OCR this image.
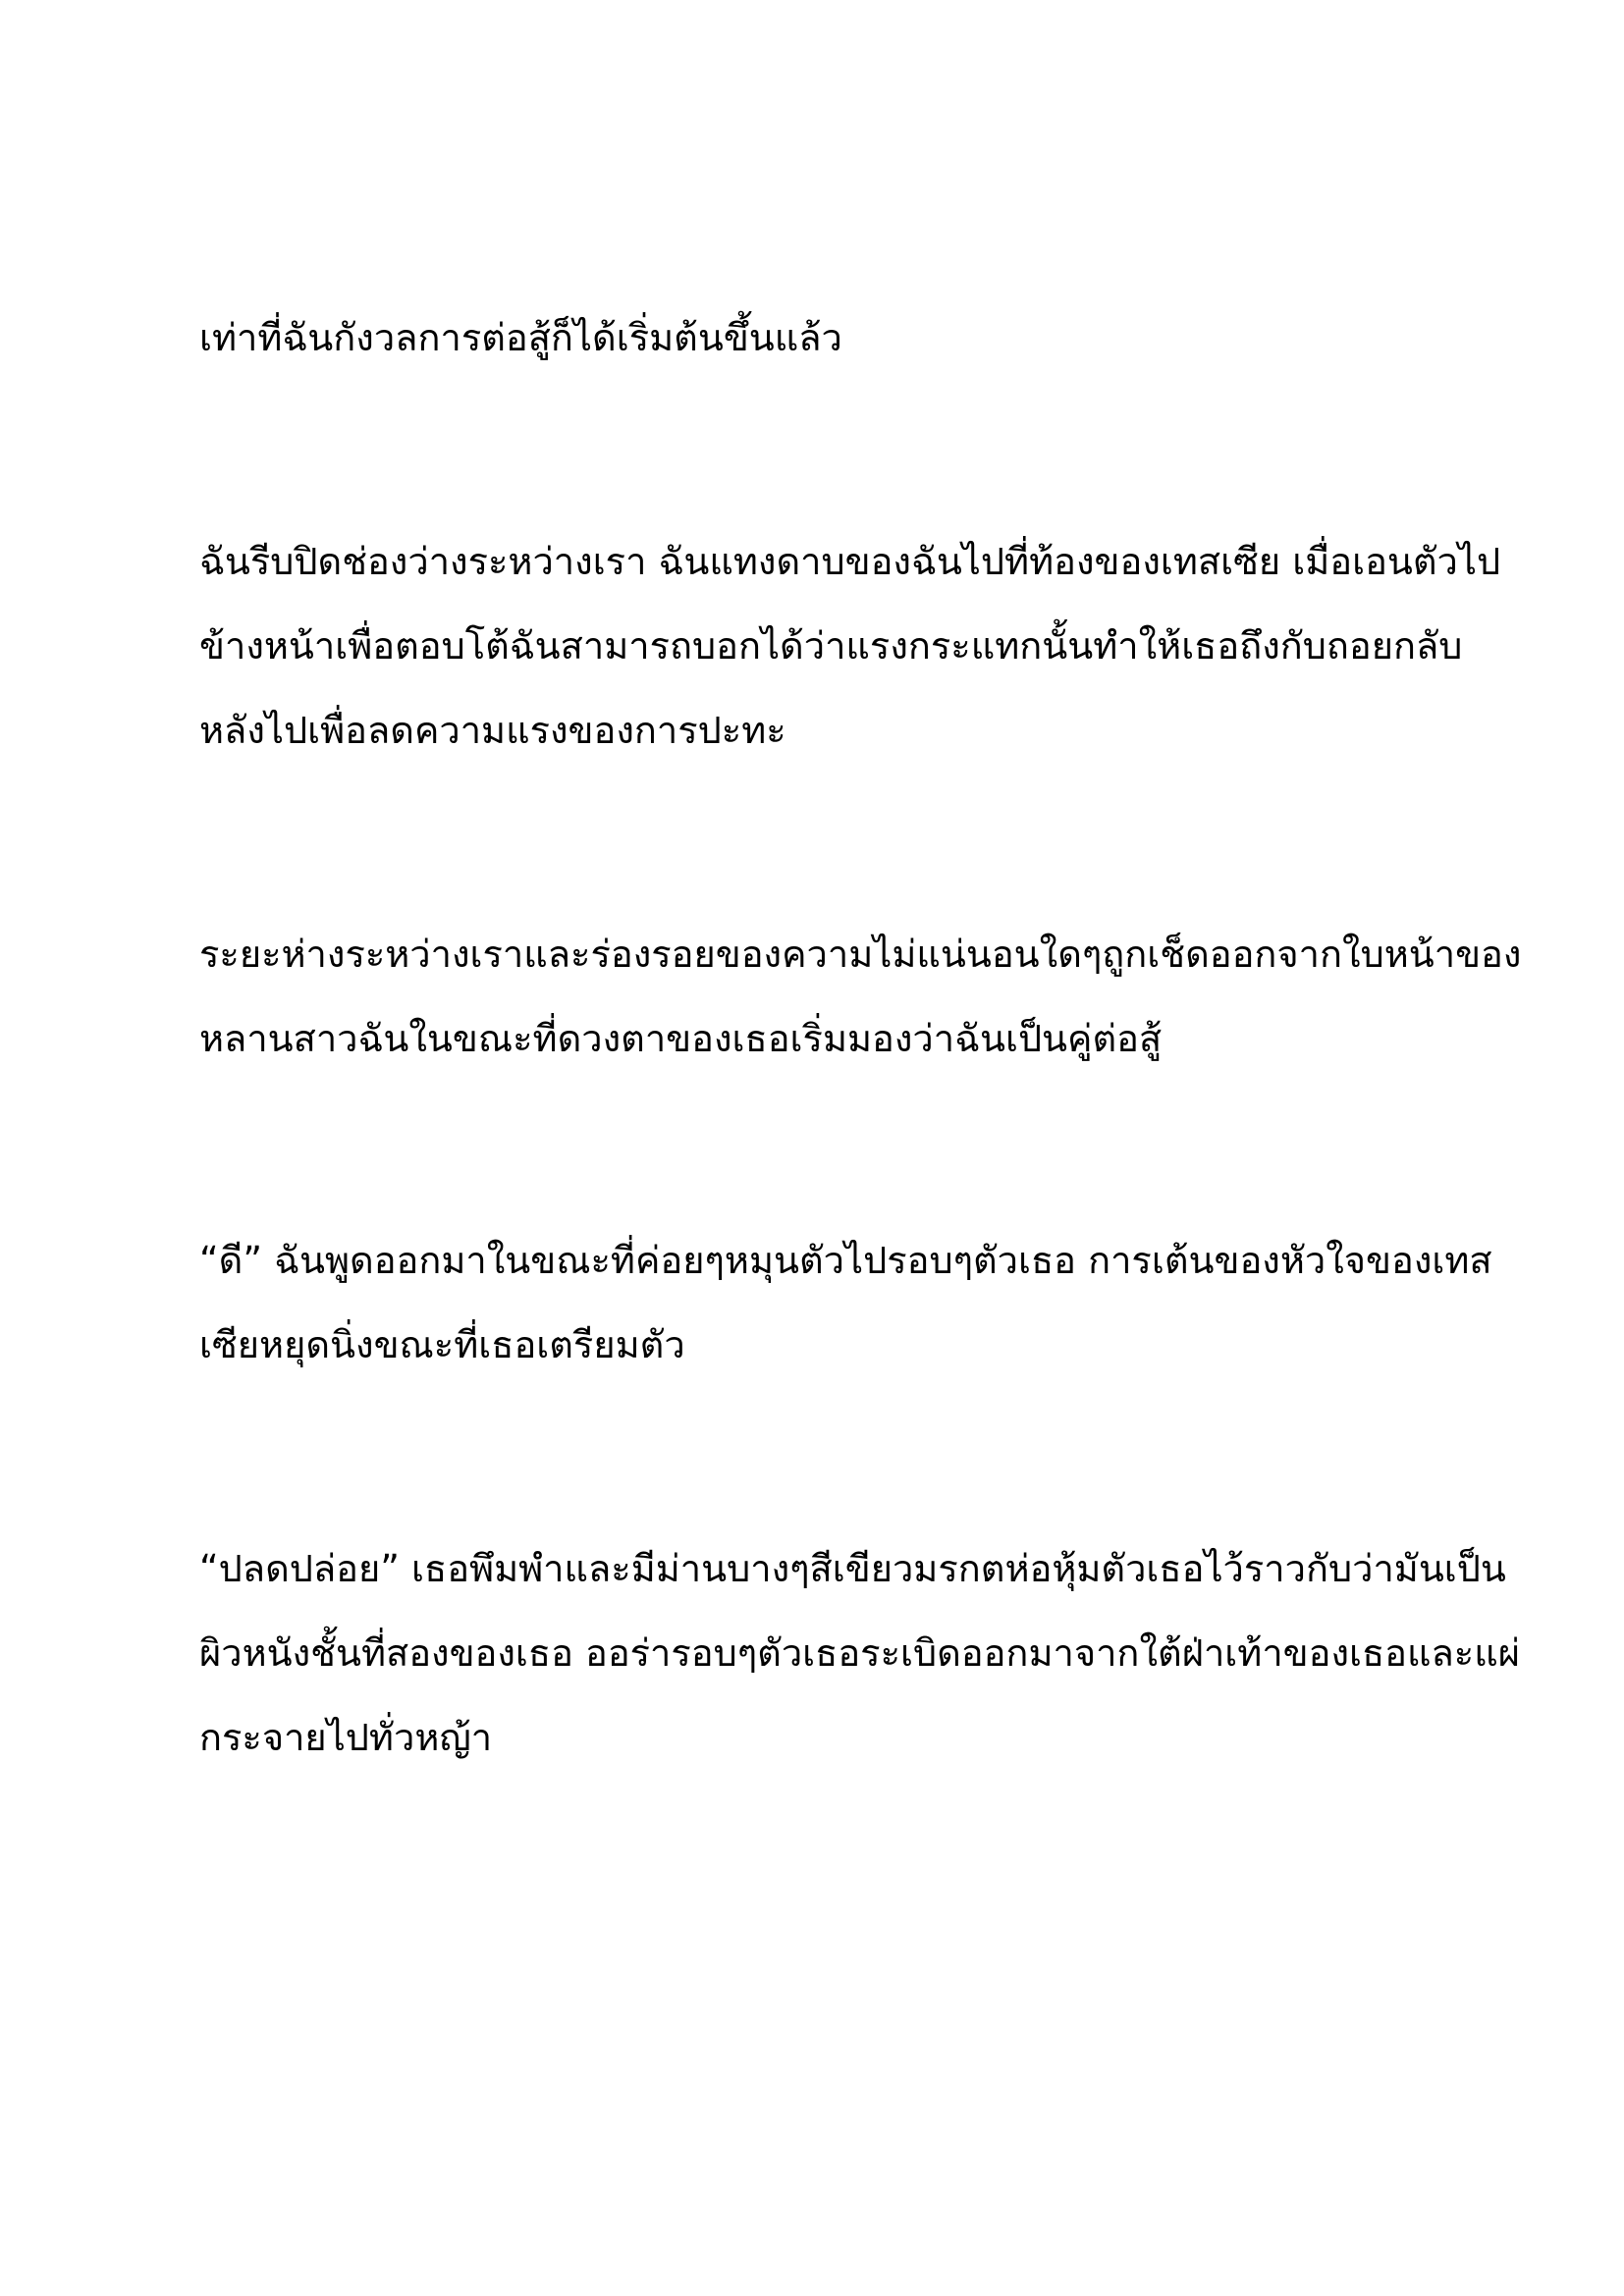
เท่าที่ฉันกังวลการต่อสู้ก็ได้เริ่มต้นขึ้นแล้ว
ฉันรีบปิดช่องว่างระหว่างเรา ฉันแทงดาบของฉันไปที่ท้องของเทสเซีย เมื่อเอนตัวไป
ข้างหน้าเพื่อตอบโต้ฉันสามารถบอกได้ว่าแรงกระแทกนั้นทำให้เธอถึงกับถอยกลับ
หลังไปเพื่อลดความแรงของการปะทะ
ระยะห่างระหว่างเราและร่องรอยของความไม่แน่นอนใดๆถูกเช็ดออกจากใบหน้าของ
หลานสาวฉันในขณะที่ดวงตาของเธอเริ่มมองว่าฉันเป็นคู่ต่อสู้
“ดี” ฉันพูดออกมาในขณะที่ค่อยๆหมุนตัวไปรอบๆตัวเธอ การเต้นของหัวใจของเทส
เซียหยุดนิ่งขณะที่เธอเตรียมตัว
“ปลดปล่อย” เธอพึมพำและมีม่านบางๆสีเขียวมรกตห่อหุ้มตัวเธอไว้ราวกับว่ามันเป็น
ผิวหนังชั้นที่สองของเธอ ออร่ารอบๆตัวเธอระเบิดออกมาจากใต้ฝ่าเท้าของเธอและแผ่
กระจายไปทั่วหญ้า
